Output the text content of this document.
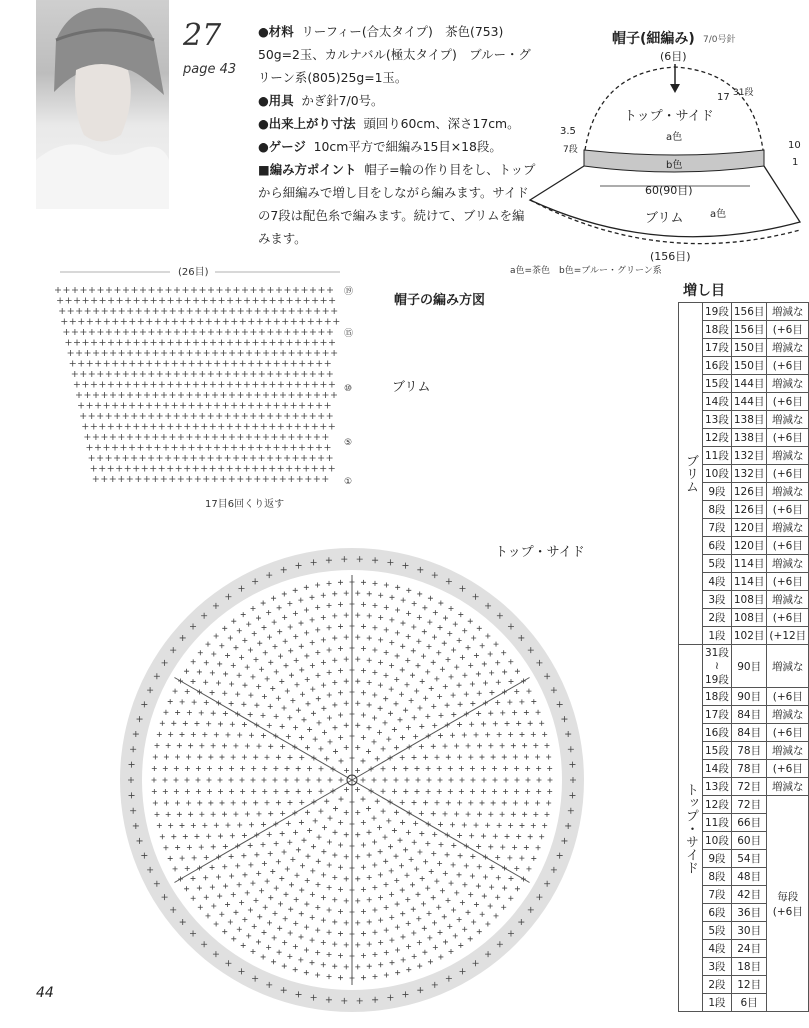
27
page 43
●材料 リーフィー(合太タイプ)　茶色(753)
50g=2玉、カルナバル(極太タイプ)　ブルー・グ
リーン系(805)25g=1玉。
●用具 かぎ針7/0号。
●出来上がり寸法 頭回り60cm、深さ17cm。
●ゲージ 10cm平方で細編み15目×18段。
■編み方ポイント 帽子=輪の作り目をし、トップ
から細編みで増し目をしながら編みます。サイド
の7段は配色糸で編みます。続けて、ブリムを編
みます。
帽子(細編み) 7/0号針
(6目)
トップ・サイド
a色
b色
60(90目)
ブリム	a色
(156目)
17 31段
3.5
7段	10
1
a色=茶色　b色=ブルー・グリーン系
(26目)
帽子の編み方図
ブリム
17目6回くり返す
トップ・サイド
①
⑤
⑩
⑮
⑲	増し目
ブリム	19段	156目	増減な
	18段	156目	(+6目
	17段	150目	増減な
	16段	150目	(+6目
	15段	144目	増減な
	14段	144目	(+6目
	13段	138目	増減な
	12段	138目	(+6目
	11段	132目	増減な
	10段	132目	(+6目
	9段	126目	増減な
	8段	126目	(+6目
	7段	120目	増減な
	6段	120目	(+6目
	5段	114目	増減な
	4段	114目	(+6目
	3段	108目	増減な
	2段	108目	(+6目
	1段	102目	(+12目
トップ・サイド	31段
≀
19段	90目	増減な
	18段	90目	(+6目
	17段	84目	増減な
	16段	84目	(+6目
	15段	78目	増減な
	14段	78目	(+6目
	13段	72目	増減な
	12段	72目	毎段
(+6目

	11段	66目	
	10段	60目	
	9段	54目	
	8段	48目	
	7段	42目	
	6段	36目	
	5段	30目	
	4段	24目	
	3段	18目	
	2段	12目	
	1段	6目	
44
